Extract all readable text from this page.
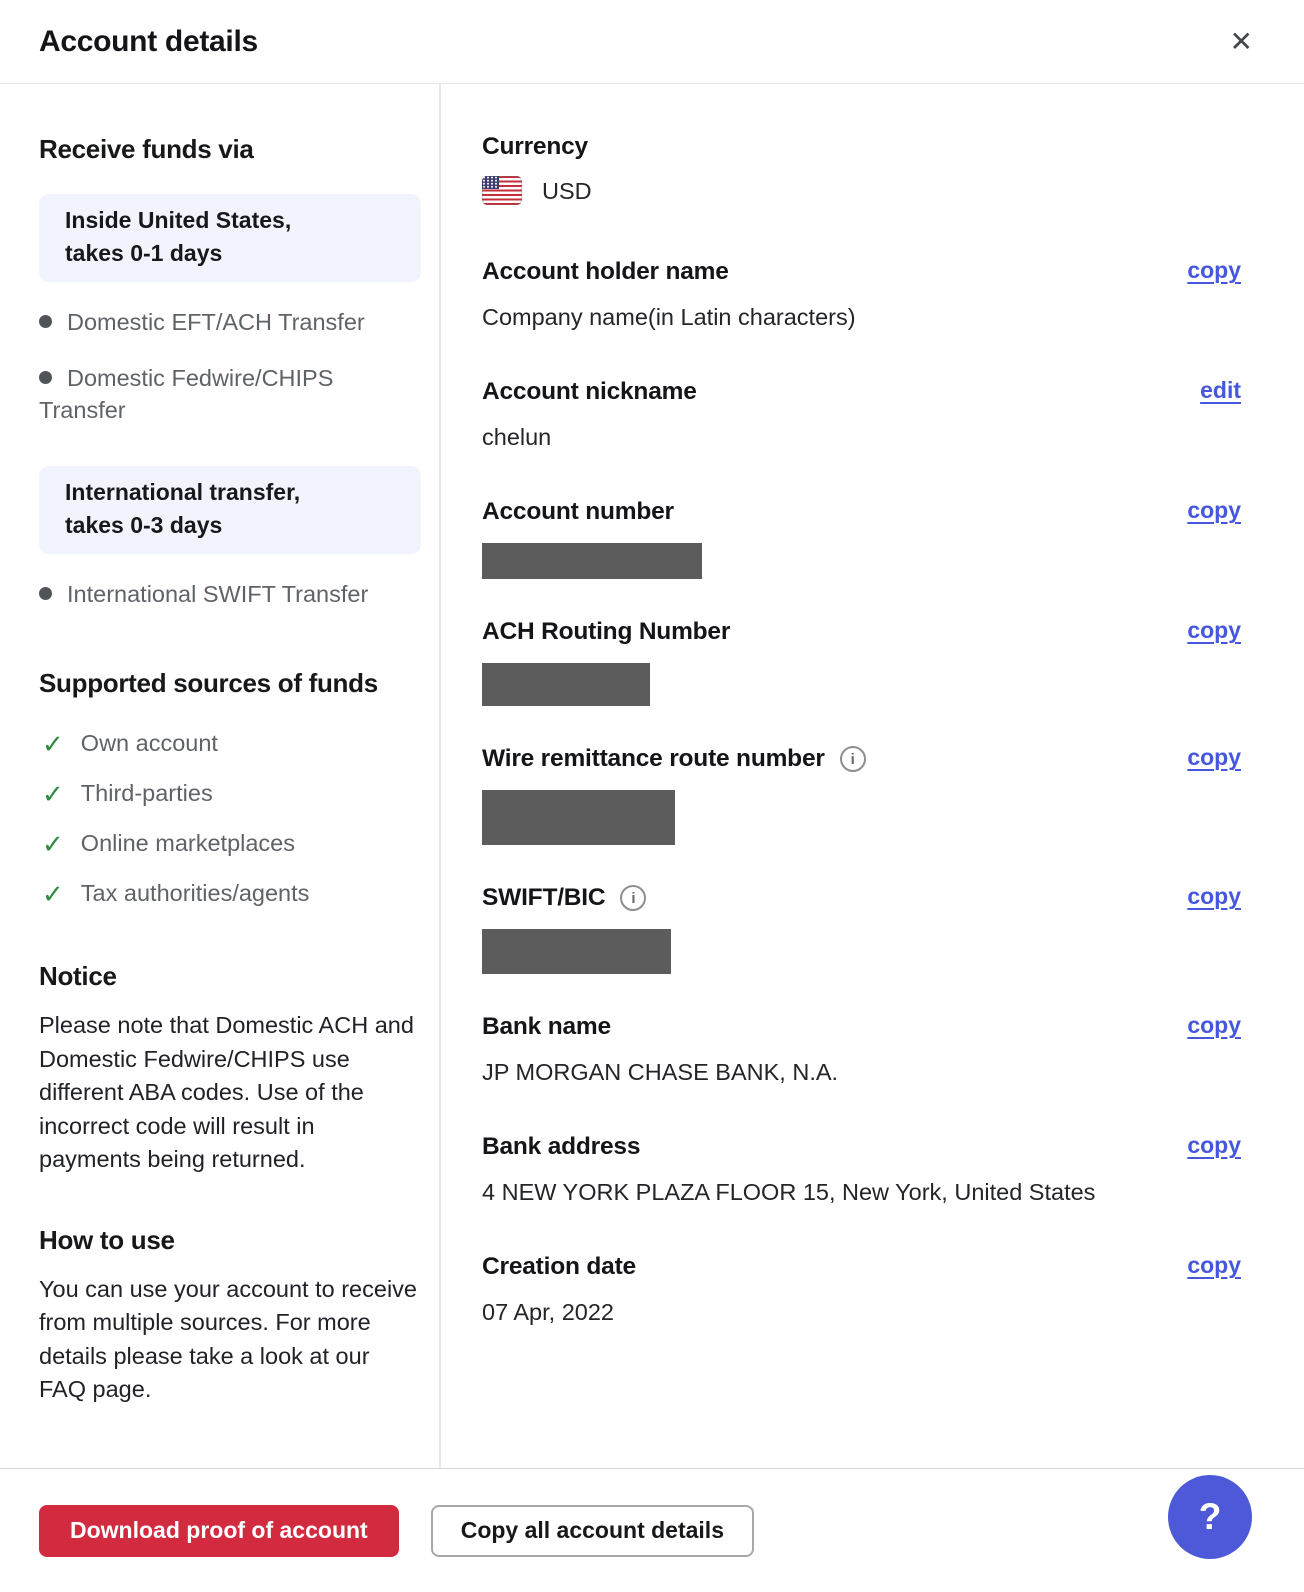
Account details	✕
Receive funds via
Inside United States,
takes 0-1 days
Domestic EFT/ACH Transfer
Domestic Fedwire/CHIPS Transfer
International transfer,
takes 0-3 days
International SWIFT Transfer
Supported sources of funds
✓ Own account
✓ Third-parties
✓ Online marketplaces
✓ Tax authorities/agents
Notice
Please note that Domestic ACH and Domestic Fedwire/CHIPS use different ABA codes. Use of the incorrect code will result in payments being returned.
How to use
You can use your account to receive from multiple sources. For more details please take a look at our FAQ page.
Currency
USD
Account holder name	copy
Company name(in Latin characters)
Account nickname	edit
chelun
Account number	copy
ACH Routing Number	copy
Wire remittance route number	i	copy
SWIFT/BIC	i	copy
Bank name	copy
JP MORGAN CHASE BANK, N.A.
Bank address	copy
4 NEW YORK PLAZA FLOOR 15, New York, United States
Creation date	copy
07 Apr, 2022
Download proof of account	Copy all account details	?
